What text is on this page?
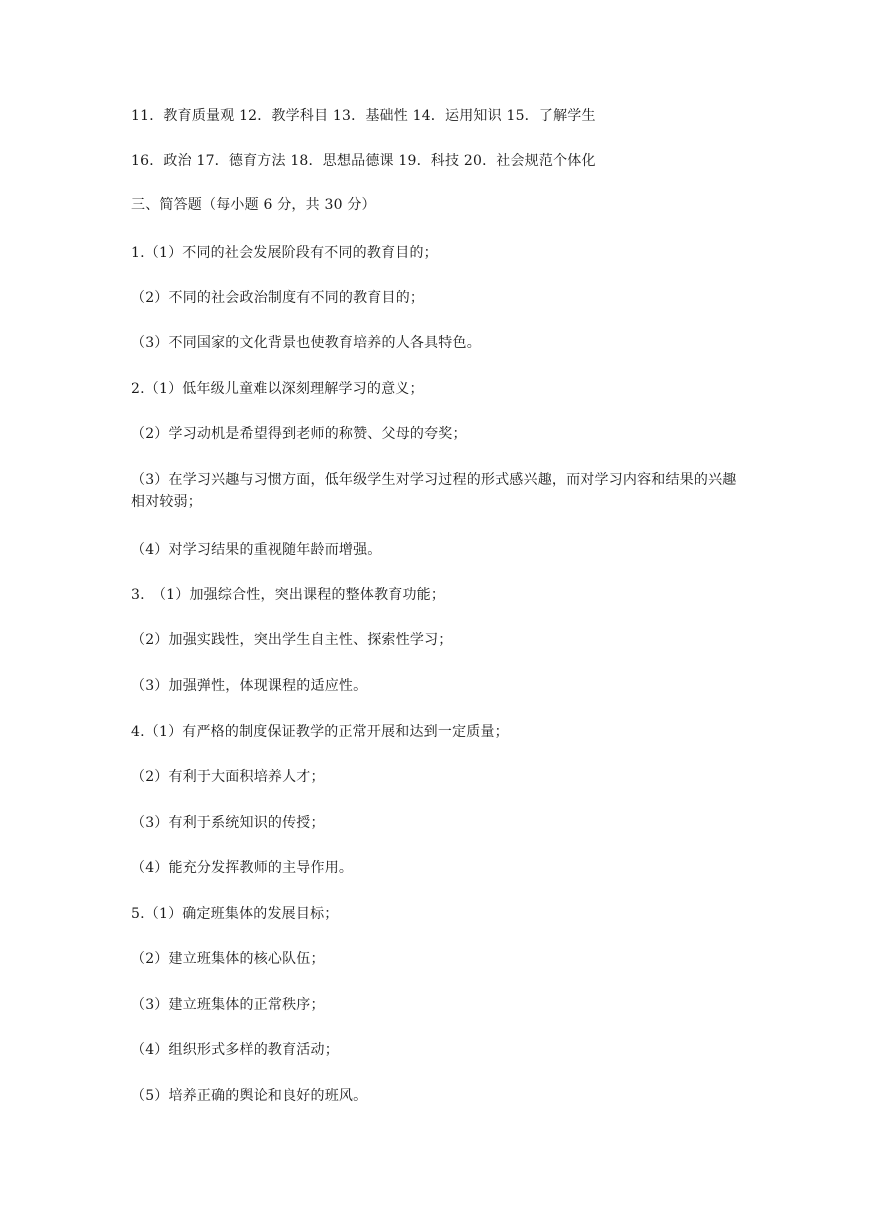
11．教育质量观 12．教学科目 13．基础性 14．运用知识 15．了解学生
16．政治 17．德育方法 18．思想品德课 19．科技 20．社会规范个体化
三、简答题（每小题 6 分，共 30 分）
1.（1）不同的社会发展阶段有不同的教育目的；
（2）不同的社会政治制度有不同的教育目的；
（3）不同国家的文化背景也使教育培养的人各具特色。
2.（1）低年级儿童难以深刻理解学习的意义；
（2）学习动机是希望得到老师的称赞、父母的夸奖；
（3）在学习兴趣与习惯方面，低年级学生对学习过程的形式感兴趣，而对学习内容和结果的兴趣相对较弱；
（4）对学习结果的重视随年龄而增强。
3.　（1）加强综合性，突出课程的整体教育功能；
（2）加强实践性，突出学生自主性、探索性学习；
（3）加强弹性，体现课程的适应性。
4.（1）有严格的制度保证教学的正常开展和达到一定质量；
（2）有利于大面积培养人才；
（3）有利于系统知识的传授；
（4）能充分发挥教师的主导作用。
5.（1）确定班集体的发展目标；
（2）建立班集体的核心队伍；
（3）建立班集体的正常秩序；
（4）组织形式多样的教育活动；
（5）培养正确的舆论和良好的班风。
